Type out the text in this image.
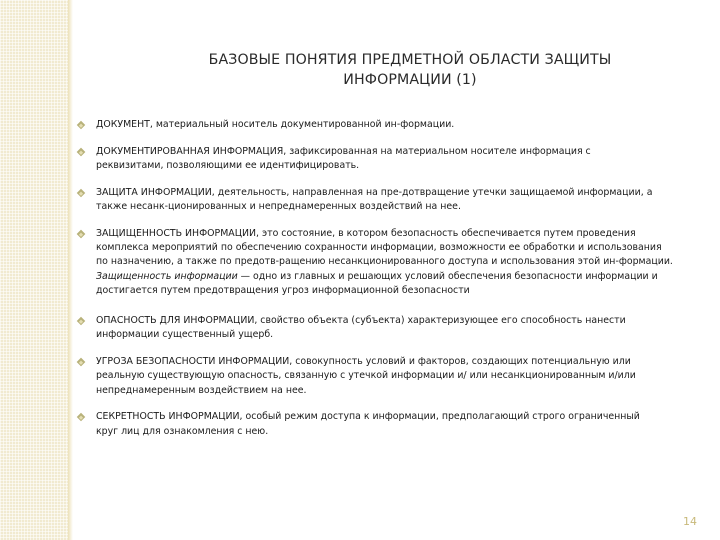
БАЗОВЫЕ ПОНЯТИЯ ПРЕДМЕТНОЙ ОБЛАСТИ ЗАЩИТЫ
ИНФОРМАЦИИ (1)
ДОКУМЕНТ, материальный носитель документированной ин-формации.
ДОКУМЕНТИРОВАННАЯ ИНФОРМАЦИЯ, зафиксированная на материальном носителе информация с
реквизитами, позволяющими ее идентифицировать.
ЗАЩИТА ИНФОРМАЦИИ, деятельность, направленная на пре-дотвращение утечки защищаемой информации, а
также несанк-ционированных и непреднамеренных воздействий на нее.
ЗАЩИЩЕННОСТЬ ИНФОРМАЦИИ, это состояние, в котором безопасность обеспечивается путем проведения
комплекса мероприятий по обеспечению сохранности информации, возможности ее обработки и использования
по назначению, а также по предотв-ращению несанкционированного доступа и использования этой ин-формации.
Защищенность информации — одно из главных и решающих условий обеспечения безопасности информации и
достигается путем предотвращения угроз информационной безопасности
ОПАСНОСТЬ ДЛЯ ИНФОРМАЦИИ, свойство объекта (субъекта) характеризующее его способность нанести
информации существенный ущерб.
УГРОЗА БЕЗОПАСНОСТИ ИНФОРМАЦИИ, совокупность условий и факторов, создающих потенциальную или
реальную существующую опасность, связанную с утечкой информации и/ или несанкционированным и/или
непреднамеренным воздействием на нее.
СЕКРЕТНОСТЬ ИНФОРМАЦИИ, особый режим доступа к информации, предполагающий строго ограниченный
круг лиц для ознакомления с нею.
14
